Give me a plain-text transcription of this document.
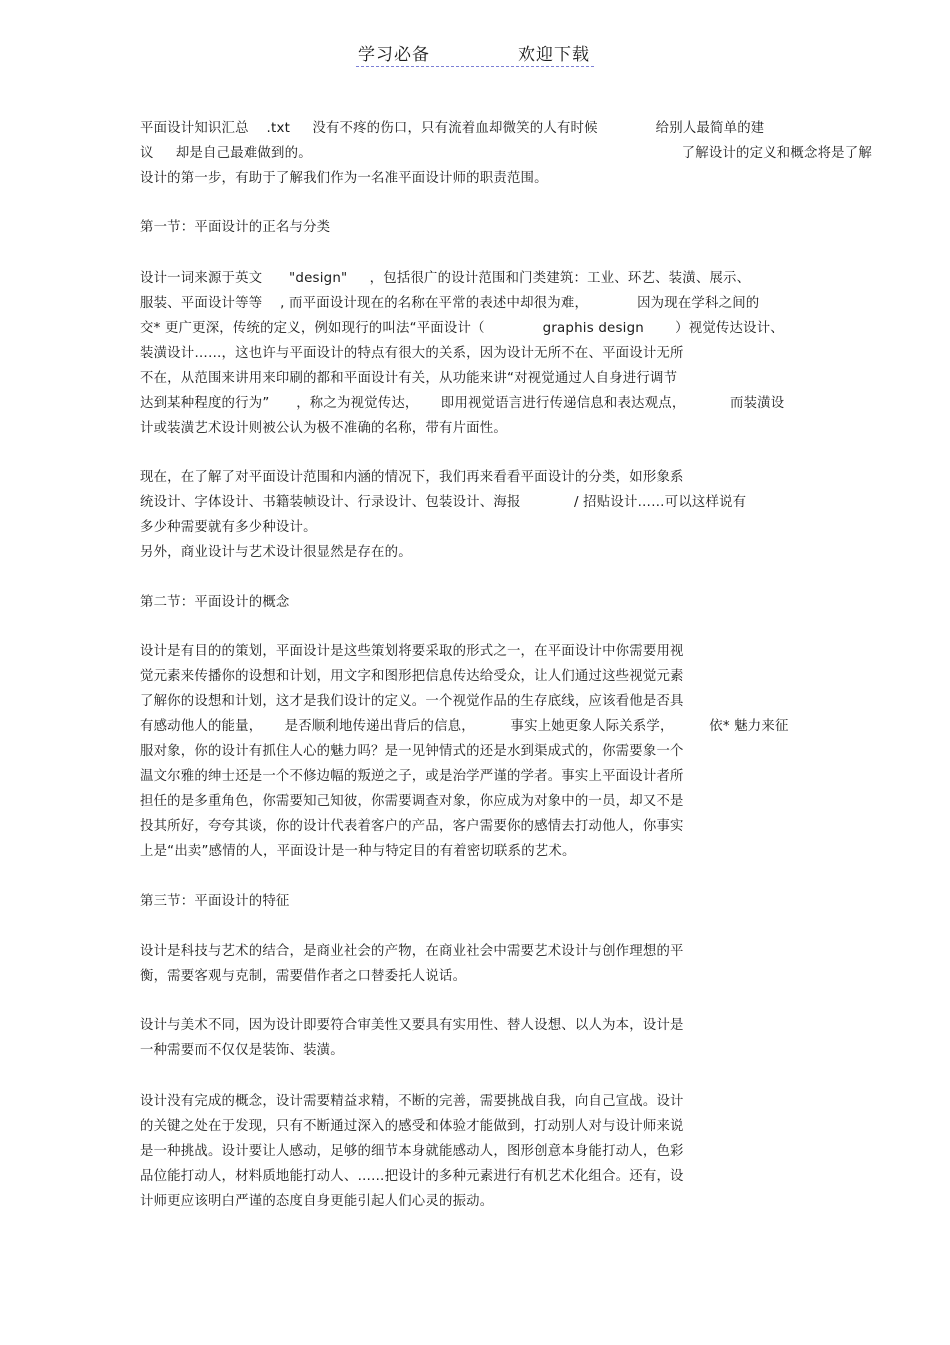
学习必备	欢迎下载
平面设计知识汇总    .txt     没有不疼的伤口，只有流着血却微笑的人有时候             给别人最简单的建
议     却是自己最难做到的。                                                                                   了解设计的定义和概念将是了解
设计的第一步，有助于了解我们作为一名准平面设计师的职责范围。
第一节：平面设计的正名与分类
设计一词来源于英文      "design"     ，包括很广的设计范围和门类建筑：工业、环艺、装潢、展示、
服装、平面设计等等    , 而平面设计现在的名称在平常的表述中却很为难，           因为现在学科之间的
交* 更广更深，传统的定义，例如现行的叫法“平面设计（             graphis design       ）视觉传达设计、
装潢设计……，这也许与平面设计的特点有很大的关系，因为设计无所不在、平面设计无所
不在，从范围来讲用来印刷的都和平面设计有关，从功能来讲“对视觉通过人自身进行调节
达到某种程度的行为”      ，称之为视觉传达，     即用视觉语言进行传递信息和表达观点，          而装潢设
计或装潢艺术设计则被公认为极不准确的名称，带有片面性。
现在，在了解了对平面设计范围和内涵的情况下，我们再来看看平面设计的分类，如形象系
统设计、字体设计、书籍装帧设计、行录设计、包装设计、海报            / 招贴设计……可以这样说有
多少种需要就有多少种设计。
另外，商业设计与艺术设计很显然是存在的。
第二节：平面设计的概念
设计是有目的的策划，平面设计是这些策划将要采取的形式之一，在平面设计中你需要用视
觉元素来传播你的设想和计划，用文字和图形把信息传达给受众，让人们通过这些视觉元素
了解你的设想和计划，这才是我们设计的定义。一个视觉作品的生存底线，应该看他是否具
有感动他人的能量，     是否顺利地传递出背后的信息，        事实上她更象人际关系学，        依* 魅力来征
服对象，你的设计有抓住人心的魅力吗？是一见钟情式的还是水到渠成式的，你需要象一个
温文尔雅的绅士还是一个不修边幅的叛逆之子，或是治学严谨的学者。事实上平面设计者所
担任的是多重角色，你需要知己知彼，你需要调查对象，你应成为对象中的一员，却又不是
投其所好，夸夸其谈，你的设计代表着客户的产品，客户需要你的感情去打动他人，你事实
上是“出卖”感情的人，平面设计是一种与特定目的有着密切联系的艺术。
第三节：平面设计的特征
设计是科技与艺术的结合，是商业社会的产物，在商业社会中需要艺术设计与创作理想的平
衡，需要客观与克制，需要借作者之口替委托人说话。
设计与美术不同，因为设计即要符合审美性又要具有实用性、替人设想、以人为本，设计是
一种需要而不仅仅是装饰、装潢。
设计没有完成的概念，设计需要精益求精，不断的完善，需要挑战自我，向自己宣战。设计
的关键之处在于发现，只有不断通过深入的感受和体验才能做到，打动别人对与设计师来说
是一种挑战。设计要让人感动，足够的细节本身就能感动人，图形创意本身能打动人，色彩
品位能打动人，材料质地能打动人、……把设计的多种元素进行有机艺术化组合。还有，设
计师更应该明白严谨的态度自身更能引起人们心灵的振动。
